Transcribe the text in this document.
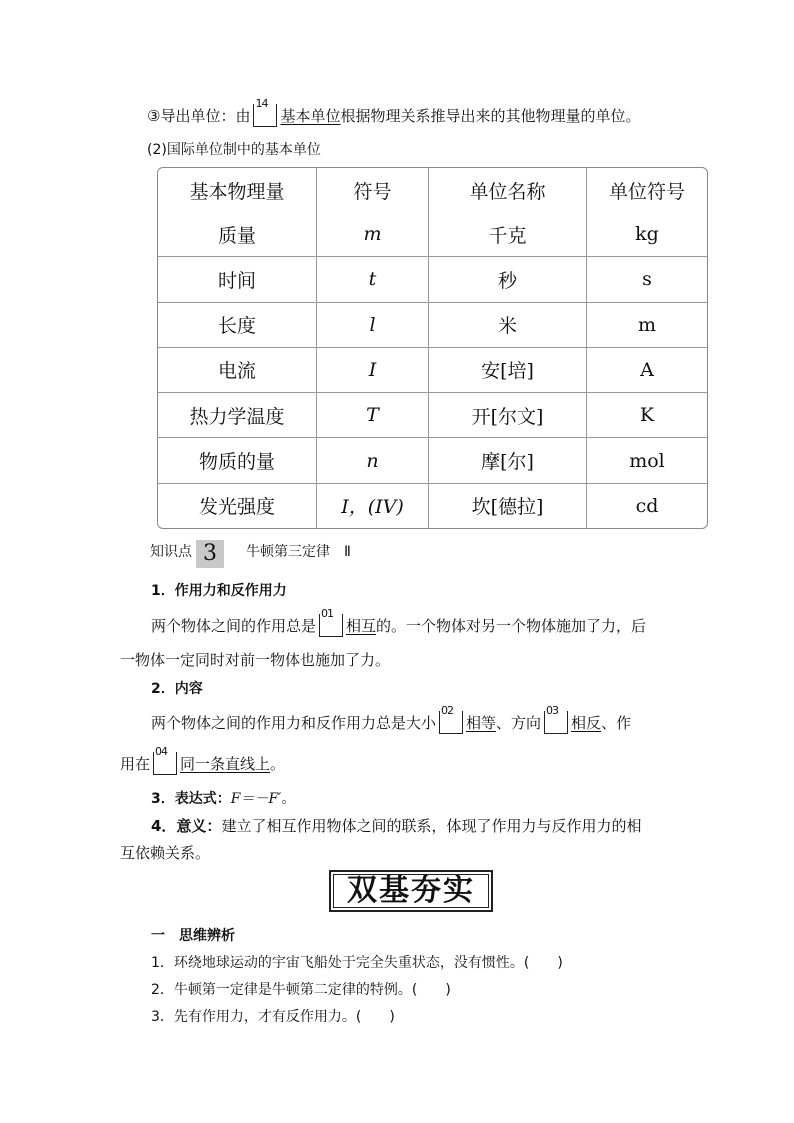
③导出单位：由
14
基本单位根据物理关系推导出来的其他物理量的单位。
(2)国际单位制中的基本单位
基本物理量	符号	单位名称	单位符号
质量	m	千克	kg
时间	t	秒	s
长度	l	米	m
电流	I	安[培]	A
热力学温度	T	开[尔文]	K
物质的量	n	摩[尔]	mol
发光强度	I，(IV)	坎[德拉]	cd
知识点 3 牛顿第三定律　Ⅱ
1．作用力和反作用力
两个物体之间的作用总是
01
相互的。一个物体对另一个物体施加了力，后
一物体一定同时对前一物体也施加了力。
2．内容
两个物体之间的作用力和反作用力总是大小
02
相等、方向
03
相反、作
用在
04
同一条直线上。
3．表达式：F＝－F′。
4．意义：建立了相互作用物体之间的联系，体现了作用力与反作用力的相
互依赖关系。
双基夯实
一　思维辨析
1．环绕地球运动的宇宙飞船处于完全失重状态，没有惯性。(　　)
2．牛顿第一定律是牛顿第二定律的特例。(　　)
3．先有作用力，才有反作用力。(　　)
